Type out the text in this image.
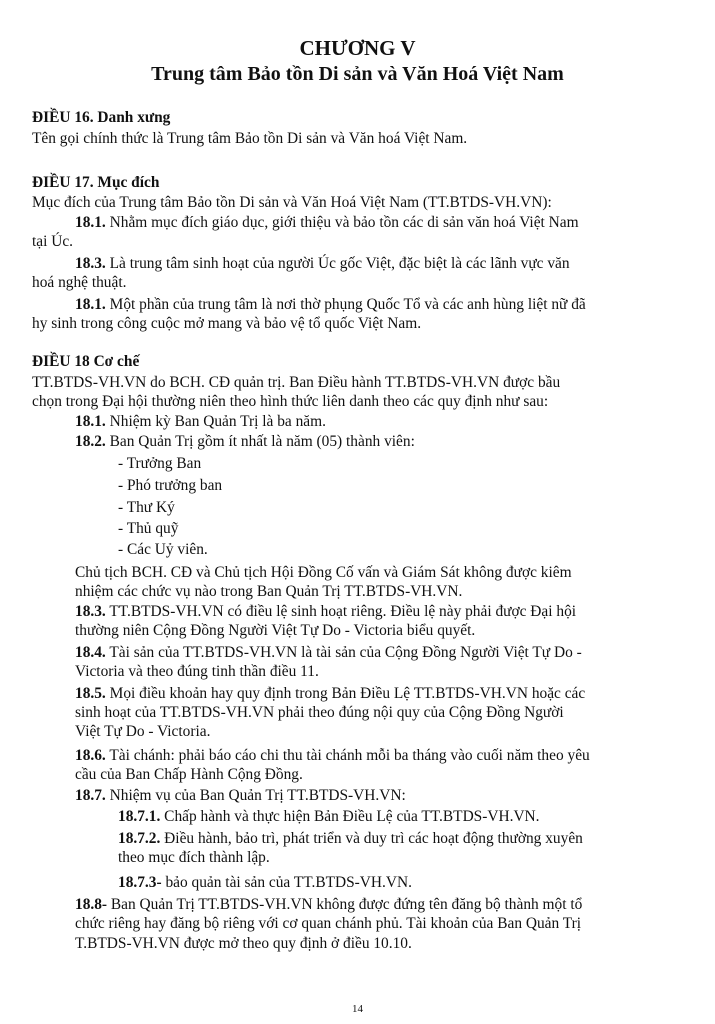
CHƯƠNG V
Trung tâm Bảo tồn Di sản và Văn Hoá Việt Nam
ĐIỀU 16. Danh xưng
Tên gọi chính thức là Trung tâm Bảo tồn Di sản và Văn hoá Việt Nam.
ĐIỀU 17. Mục đích
Mục đích của Trung tâm Bảo tồn Di sản và Văn Hoá Việt Nam (TT.BTDS-VH.VN):
18.1. Nhằm mục đích giáo dục, giới thiệu và bảo tồn các di sản văn hoá Việt Nam
tại Úc.
18.3. Là trung tâm sinh hoạt của người Úc gốc Việt, đặc biệt là các lãnh vực văn
hoá nghệ thuật.
18.1. Một phần của trung tâm là nơi thờ phụng Quốc Tổ và các anh hùng liệt nữ đã
hy sinh trong công cuộc mở mang và bảo vệ tổ quốc Việt Nam.
ĐIỀU 18 Cơ chế
TT.BTDS-VH.VN do BCH. CĐ quản trị. Ban Điều hành TT.BTDS-VH.VN được bầu
chọn trong Đại hội thường niên theo hình thức liên danh theo các quy định như sau:
18.1. Nhiệm kỳ Ban Quản Trị là ba năm.
18.2. Ban Quản Trị gồm ít nhất là năm (05) thành viên:
- Trưởng Ban
- Phó trưởng ban
- Thư Ký
- Thủ quỹ
- Các Uỷ viên.
Chủ tịch BCH. CĐ và Chủ tịch Hội Đồng Cố vấn và Giám Sát không được kiêm
nhiệm các chức vụ nào trong Ban Quản Trị TT.BTDS-VH.VN.
18.3. TT.BTDS-VH.VN có điều lệ sinh hoạt riêng. Điều lệ này phải được Đại hội
thường niên Cộng Đồng Người Việt Tự Do - Victoria biểu quyết.
18.4. Tài sản của TT.BTDS-VH.VN là tài sản của Cộng Đồng Người Việt Tự Do -
Victoria và theo đúng tinh thần điều 11.
18.5. Mọi điều khoản hay quy định trong Bản Điều Lệ TT.BTDS-VH.VN hoặc các
sinh hoạt của TT.BTDS-VH.VN phải theo đúng nội quy của Cộng Đồng Người
Việt Tự Do - Victoria.
18.6. Tài chánh: phải báo cáo chi thu tài chánh mỗi ba tháng vào cuối năm theo yêu
cầu của Ban Chấp Hành Cộng Đồng.
18.7. Nhiệm vụ của Ban Quản Trị TT.BTDS-VH.VN:
18.7.1. Chấp hành và thực hiện Bản Điều Lệ của TT.BTDS-VH.VN.
18.7.2. Điều hành, bảo trì, phát triển và duy trì các hoạt động thường xuyên
theo mục đích thành lập.
18.7.3- bảo quản tài sản của TT.BTDS-VH.VN.
18.8- Ban Quản Trị TT.BTDS-VH.VN không được đứng tên đăng bộ thành một tổ
chức riêng hay đăng bộ riêng với cơ quan chánh phủ. Tài khoản của Ban Quản Trị
T.BTDS-VH.VN được mở theo quy định ở điều 10.10.
14
